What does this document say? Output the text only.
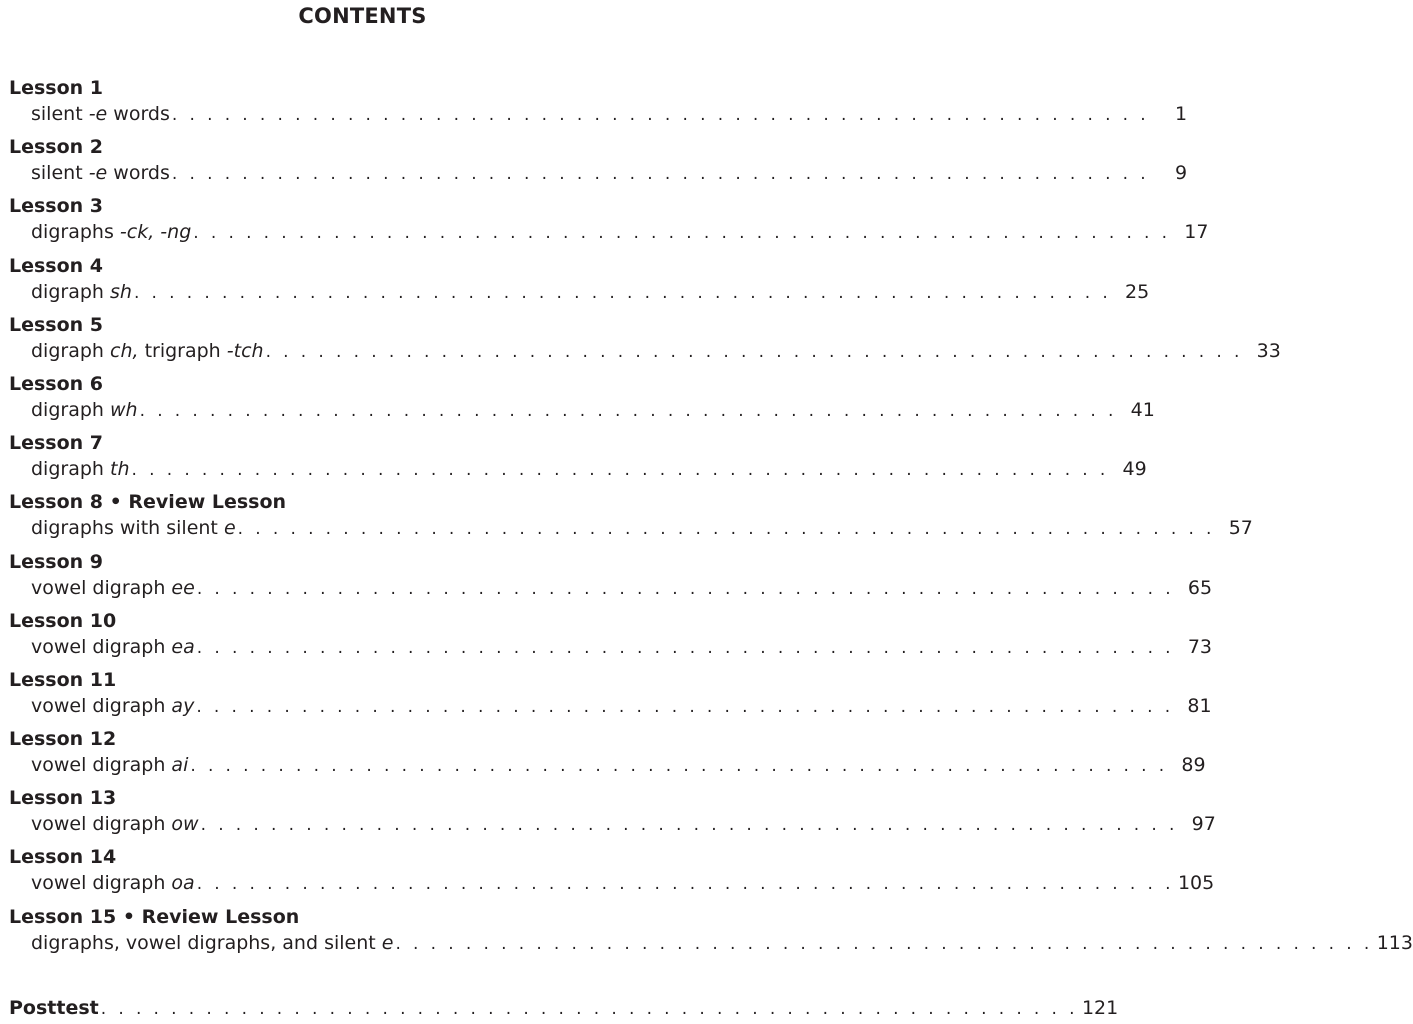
CONTENTS
Lesson 1
silent -e words . . . . . . . . . . . . . . . . . . . . . . . . . . . . . . . . . . . . . . . . . . . . . . . . . . . . . . . .	1
Lesson 2
silent -e words . . . . . . . . . . . . . . . . . . . . . . . . . . . . . . . . . . . . . . . . . . . . . . . . . . . . . . . .	9
Lesson 3
digraphs -ck, -ng . . . . . . . . . . . . . . . . . . . . . . . . . . . . . . . . . . . . . . . . . . . . . . . . . . . . . . . . 17
Lesson 4
digraph sh . . . . . . . . . . . . . . . . . . . . . . . . . . . . . . . . . . . . . . . . . . . . . . . . . . . . . . . . 25
Lesson 5
digraph ch, trigraph -tch . . . . . . . . . . . . . . . . . . . . . . . . . . . . . . . . . . . . . . . . . . . . . . . . . . . . . . . . 33
Lesson 6
digraph wh . . . . . . . . . . . . . . . . . . . . . . . . . . . . . . . . . . . . . . . . . . . . . . . . . . . . . . . . 41
Lesson 7
digraph th . . . . . . . . . . . . . . . . . . . . . . . . . . . . . . . . . . . . . . . . . . . . . . . . . . . . . . . . 49
Lesson 8 • Review Lesson
digraphs with silent e . . . . . . . . . . . . . . . . . . . . . . . . . . . . . . . . . . . . . . . . . . . . . . . . . . . . . . . . 57
Lesson 9
vowel digraph ee . . . . . . . . . . . . . . . . . . . . . . . . . . . . . . . . . . . . . . . . . . . . . . . . . . . . . . . . 65
Lesson 10
vowel digraph ea . . . . . . . . . . . . . . . . . . . . . . . . . . . . . . . . . . . . . . . . . . . . . . . . . . . . . . . . 73
Lesson 11
vowel digraph ay . . . . . . . . . . . . . . . . . . . . . . . . . . . . . . . . . . . . . . . . . . . . . . . . . . . . . . . . 81
Lesson 12
vowel digraph ai . . . . . . . . . . . . . . . . . . . . . . . . . . . . . . . . . . . . . . . . . . . . . . . . . . . . . . . . 89
Lesson 13
vowel digraph ow . . . . . . . . . . . . . . . . . . . . . . . . . . . . . . . . . . . . . . . . . . . . . . . . . . . . . . . . 97
Lesson 14
vowel digraph oa . . . . . . . . . . . . . . . . . . . . . . . . . . . . . . . . . . . . . . . . . . . . . . . . . . . . . . . . 105
Lesson 15 • Review Lesson
digraphs, vowel digraphs, and silent e . . . . . . . . . . . . . . . . . . . . . . . . . . . . . . . . . . . . . . . . . . . . . . . . . . . . . . . . 113
Posttest . . . . . . . . . . . . . . . . . . . . . . . . . . . . . . . . . . . . . . . . . . . . . . . . . . . . . . . . 121
